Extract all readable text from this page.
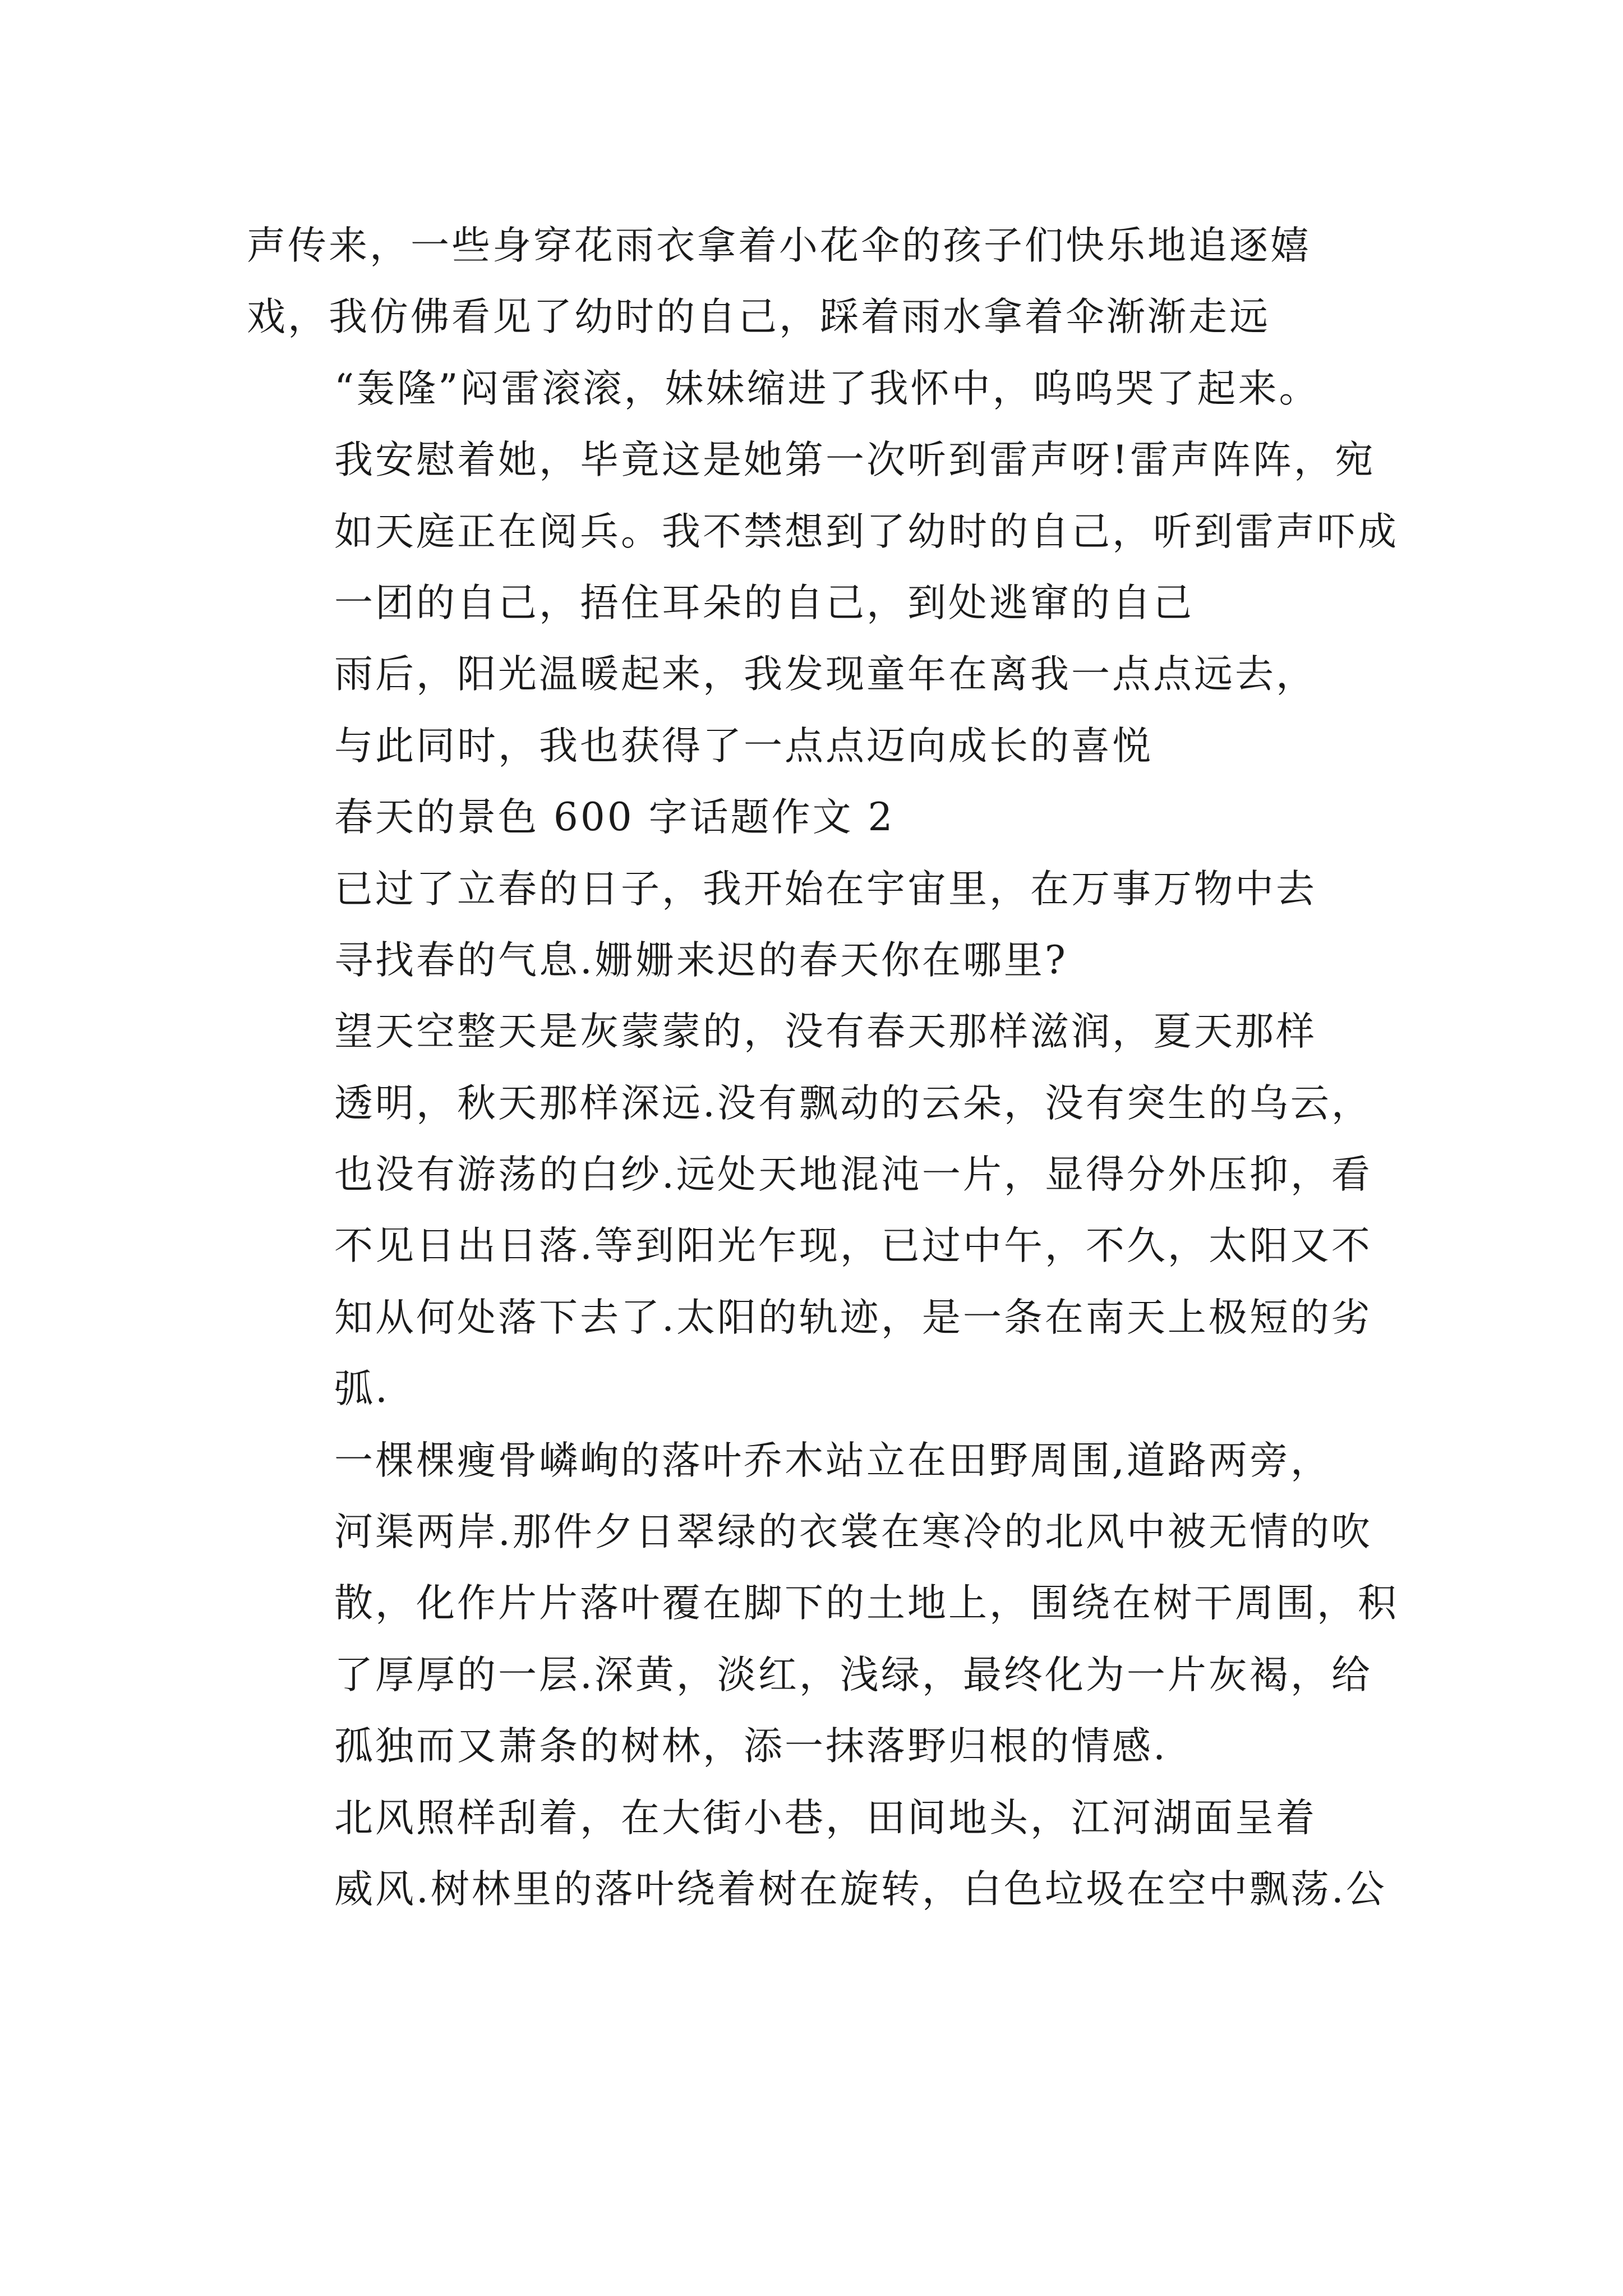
声传来，一些身穿花雨衣拿着小花伞的孩子们快乐地追逐嬉
戏，我仿佛看见了幼时的自己，踩着雨水拿着伞渐渐走远
“轰隆”闷雷滚滚，妹妹缩进了我怀中，呜呜哭了起来。
我安慰着她，毕竟这是她第一次听到雷声呀!雷声阵阵，宛
如天庭正在阅兵。我不禁想到了幼时的自己，听到雷声吓成
一团的自己，捂住耳朵的自己，到处逃窜的自己
雨后，阳光温暖起来，我发现童年在离我一点点远去，
与此同时，我也获得了一点点迈向成长的喜悦
春天的景色 600 字话题作文 2
已过了立春的日子，我开始在宇宙里，在万事万物中去
寻找春的气息.姗姗来迟的春天你在哪里?
望天空整天是灰蒙蒙的，没有春天那样滋润，夏天那样
透明，秋天那样深远.没有飘动的云朵，没有突生的乌云，
也没有游荡的白纱.远处天地混沌一片，显得分外压抑，看
不见日出日落.等到阳光乍现，已过中午，不久，太阳又不
知从何处落下去了.太阳的轨迹，是一条在南天上极短的劣
弧.
一棵棵瘦骨嶙峋的落叶乔木站立在田野周围,道路两旁，
河渠两岸.那件夕日翠绿的衣裳在寒冷的北风中被无情的吹
散，化作片片落叶覆在脚下的土地上，围绕在树干周围，积
了厚厚的一层.深黄，淡红，浅绿，最终化为一片灰褐，给
孤独而又萧条的树林，添一抹落野归根的情感.
北风照样刮着，在大街小巷，田间地头，江河湖面呈着
威风.树林里的落叶绕着树在旋转，白色垃圾在空中飘荡.公
